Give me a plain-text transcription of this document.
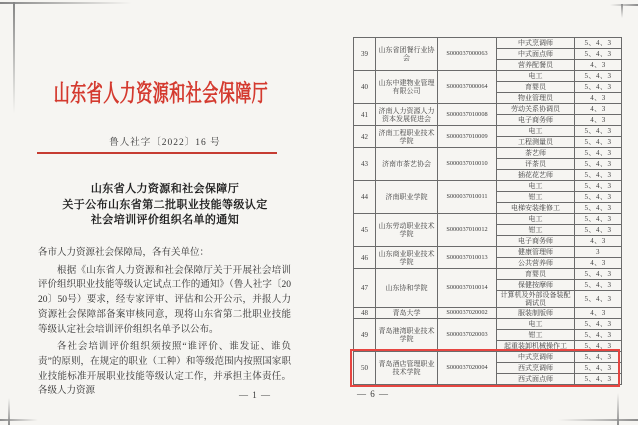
山东省人力资源和社会保障厅
鲁人社字〔2022〕16 号
山东省人力资源和社会保障厅
关于公布山东省第二批职业技能等级认定
社会培训评价组织名单的通知

各市人力资源社会保障局，各有关单位：

根据《山东省人力资源和社会保障厅关于开展社会培训评价组织职业技能等级认定试点工作的通知》（鲁人社字〔2020〕50号）要求，经专家评审、评估和公开公示，并报人力资源社会保障部备案审核同意，现将山东省第二批职业技能等级认定社会培训评价组织名单予以公布。

各社会培训评价组织须按照“谁评价、谁发证、谁负责”的原则，在规定的职业（工种）和等级范围内按照国家职业技能标准开展职业技能等级认定工作，并承担主体责任。各级人力资源	— 1 —
39	山东省团餐行业协会	S000037000063	中式烹调师	5、4、3
			中式面点师	5、4、3
			营养配餐员	4、3
40	山东中建物业管理有限公司	S000037000064	电工	5、4、3
			育婴员	5、4、3
			物业管理员	4、3
41	济南人力资源人力资本发展促进会	S000037010008	劳动关系协调员	4、3
			电子商务师	4、3
42	济南工程职业技术学院	S000037010009	电工	5、4、3
			工程测量员	5、4、3
43	济南市茶艺协会	S000037010010	茶艺师	5、4、3
			评茶员	5、4、3
			插花花艺师	5、4、3
44	济南职业学院	S000037010011	电工	5、4、3
			钳工	5、4、3
			电梯安装维修工	5、4、3
45	山东劳动职业技术学院	S000037010012	电工	5、4、3
			钳工	5、4、3
			电子商务师	4、3
46	山东商业职业技术学院	S000037010013	健康管理师	3
			公共营养师	4、3
47	山东协和学院	S000037010014	育婴员	5、4、3
			保健按摩师	5、4、3
			计算机及外部设备装配调试员	5、4、3
48	青岛大学	S000037020002	服装制版师	4、3
49	青岛港湾职业技术学院	S000037020003	电工	5、4、3
			钳工	5、4、3
			起重装卸机械操作工	5、4、3
50	青岛酒店管理职业技术学院	S000037020004	中式烹调师	5、4、3
			西式烹调师	5、4、3
			西式面点师	5、4、3
— 6 —
